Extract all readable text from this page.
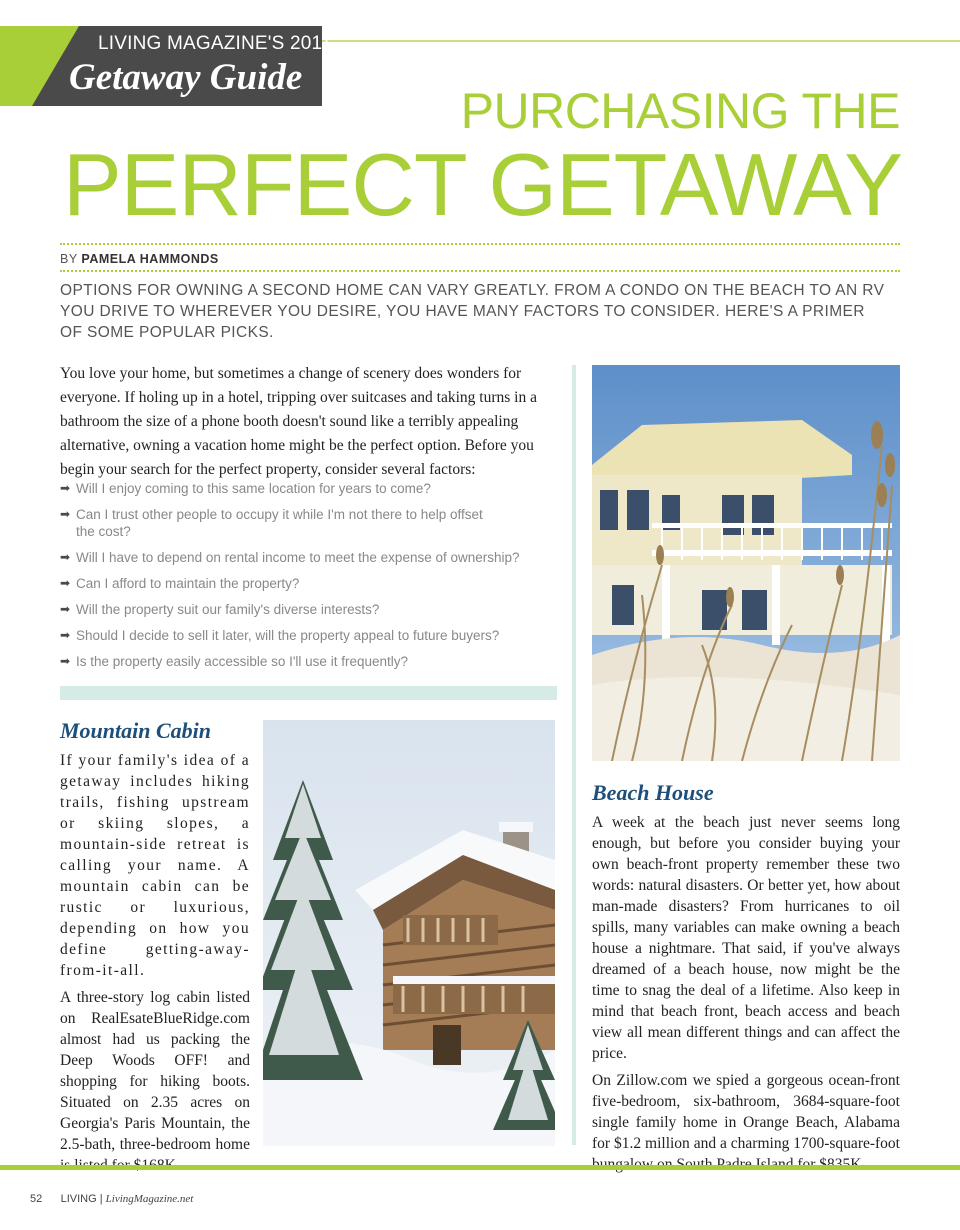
LIVING MAGAZINE'S 2011
Getaway Guide
PURCHASING THE
PERFECT GETAWAY
BY PAMELA HAMMONDS
OPTIONS FOR OWNING A SECOND HOME CAN VARY GREATLY. FROM A CONDO ON THE BEACH TO AN RV YOU DRIVE TO WHEREVER YOU DESIRE, YOU HAVE MANY FACTORS TO CONSIDER. HERE'S A PRIMER OF SOME POPULAR PICKS.
You love your home, but sometimes a change of scenery does wonders for everyone. If holing up in a hotel, tripping over suitcases and taking turns in a bathroom the size of a phone booth doesn't sound like a terribly appealing alternative, owning a vacation home might be the perfect option. Before you begin your search for the perfect property, consider several factors:
➡ Will I enjoy coming to this same location for years to come?
➡ Can I trust other people to occupy it while I'm not there to help offset the cost?
➡ Will I have to depend on rental income to meet the expense of ownership?
➡ Can I afford to maintain the property?
➡ Will the property suit our family's diverse interests?
➡ Should I decide to sell it later, will the property appeal to future buyers?
➡ Is the property easily accessible so I'll use it frequently?
Mountain Cabin

If your family's idea of a getaway includes hiking trails, fishing upstream or skiing slopes, a mountain-side retreat is calling your name. A mountain cabin can be rustic or luxurious, depending on how you define getting-away-from-it-all.

A three-story log cabin listed on RealEsateBlueRidge.com almost had us packing the Deep Woods OFF! and shopping for hiking boots. Situated on 2.35 acres on Georgia's Paris Mountain, the 2.5-bath, three-bedroom home

Beach House

A week at the beach just never seems long enough, but before you consider buying your own beach-front property remember these two words: natural disasters. Or better yet, how about man-made disasters? From hurricanes to oil spills, many variables can make owning a beach house a nightmare. That said, if you've always dreamed of a beach house, now might be the time to snag the deal of a lifetime. Also keep in mind that beach front, beach access and beach view all mean different things and can affect the price.

On Zillow.com we spied a gorgeous ocean-front five-bedroom, six-bathroom, 3684-square-foot single family home in Orange Beach, Alabama for $1.2 million and a charming 1700-square-foot

52 LIVING | LivingMagazine.net
